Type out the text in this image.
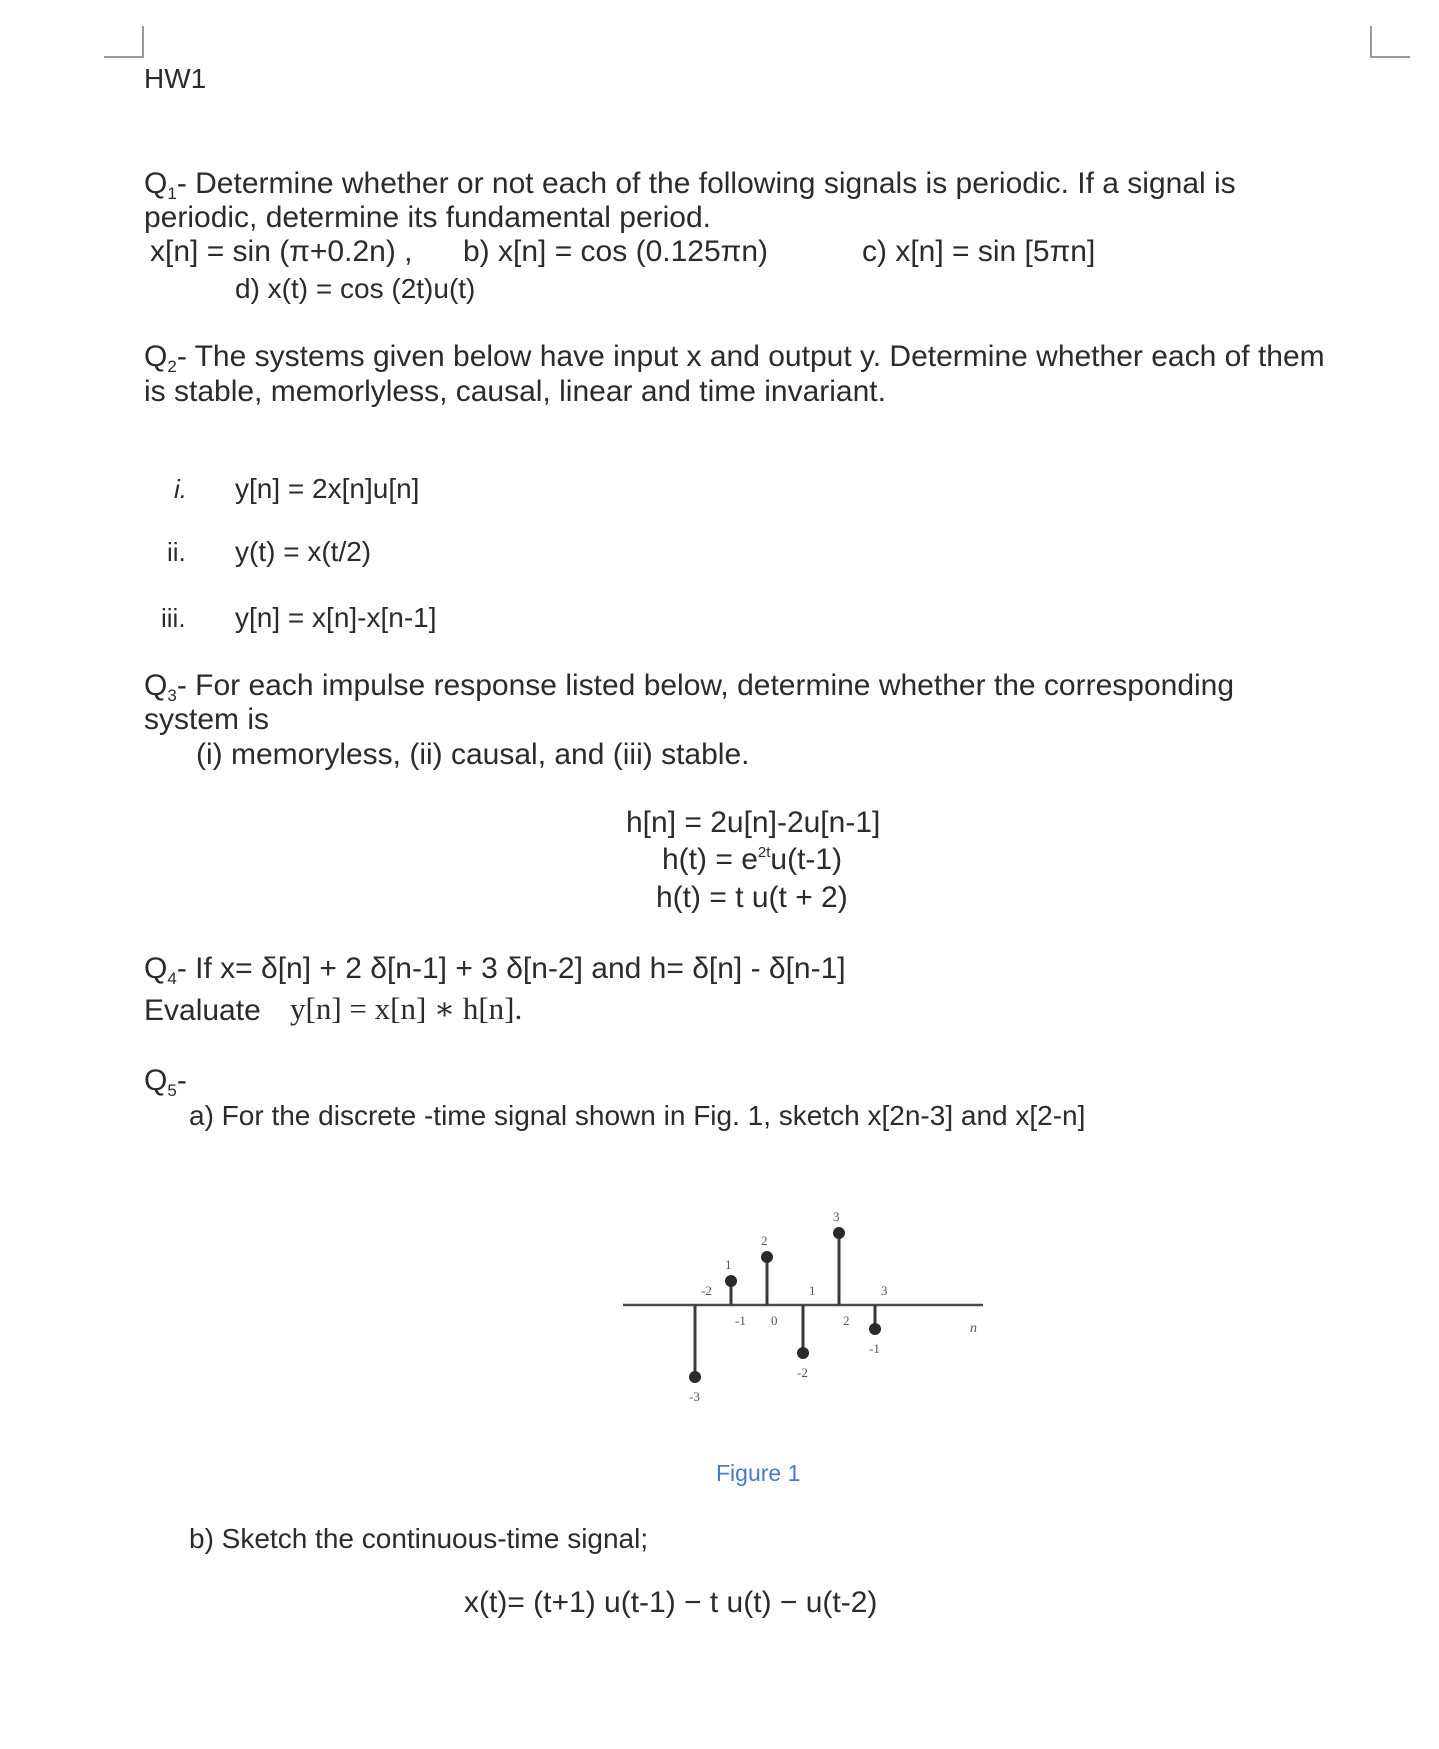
HW1
$Q_1-$ Determine whether or not each of the following signals is periodic. If a signal is
periodic, determine its fundamental period.
x[n] = sin (π+0.2n) , b) x[n] = cos (0.125πn)	c) x[n] = sin [5πn]
d) x(t) = cos (2t)u(t)
$Q_2-$ The systems given below have input x and output y. Determine whether each of them
is stable, memorlyless, causal, linear and time invariant.
i. y[n] = 2x[n]u[n]
ii. y(t) = x(t/2)
iii. y[n] = x[n]-x[n-1]
$Q_3-$ For each impulse response listed below, determine whether the corresponding
system is
(i) memoryless, (ii) causal, and (iii) stable.
h[n] = 2u[n]-2u[n-1]
$h(t) = e^{2t}u(t-1)$
h(t) = t u(t + 2)
$Q_4-$ If x= δ[n] + 2 δ[n-1] + 3 δ[n-2] and h= δ[n] - δ[n-1]
Evaluate y[n] = x[n] ∗ h[n].
$Q_5-$
a) For the discrete -time signal shown in Fig. 1, sketch x[2n-3] and x[2-n]
n
-3
-2
1
-1
2
0
-2
1
3
2
-1
3
Figure 1
b) Sketch the continuous-time signal;
x(t)= (t+1) u(t-1) − t u(t) − u(t-2)
